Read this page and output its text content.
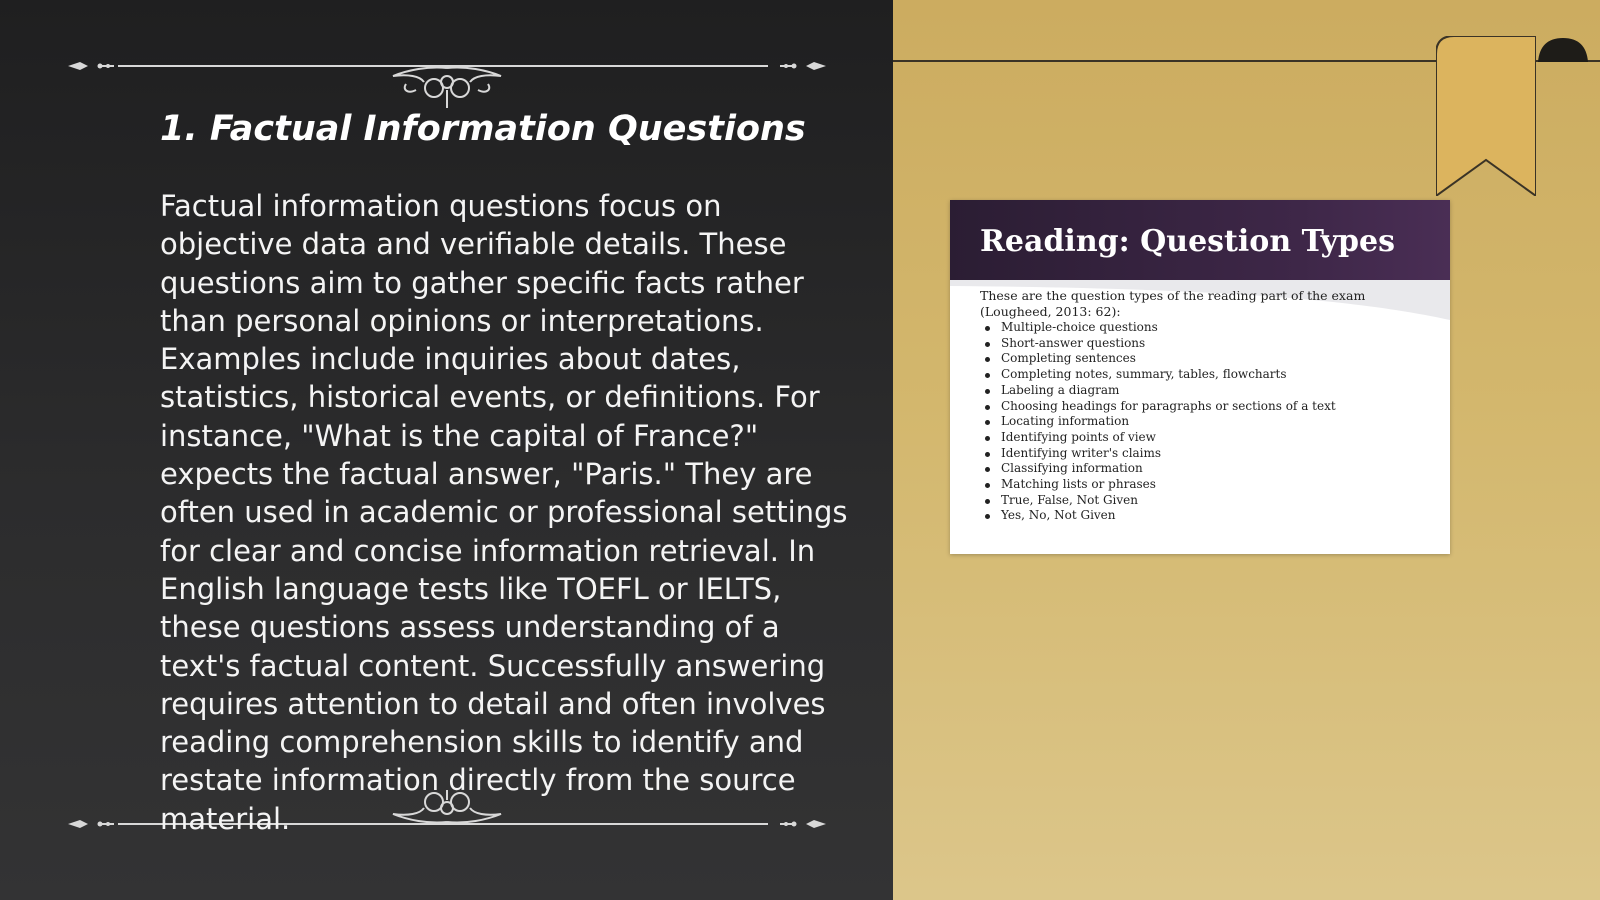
1. Factual Information Questions

Factual information questions focus on objective data and verifiable details. These questions aim to gather specific facts rather than personal opinions or interpretations. Examples include inquiries about dates, statistics, historical events, or definitions. For instance, "What is the capital of France?" expects the factual answer, "Paris." They are often used in academic or professional settings for clear and concise information retrieval. In English language tests like TOEFL or IELTS, these questions assess understanding of a text's factual content. Successfully answering requires attention to detail and often involves reading comprehension skills to identify and restate information directly from the source material.

Reading: Question Types

These are the question types of the reading part of the exam (Lougheed, 2013: 62):

Multiple-choice questions
Short-answer questions
Completing sentences
Completing notes, summary, tables, flowcharts
Labeling a diagram
Choosing headings for paragraphs or sections of a text
Locating information
Identifying points of view
Identifying writer's claims
Classifying information
Matching lists or phrases
True, False, Not Given
Yes, No, Not Given
